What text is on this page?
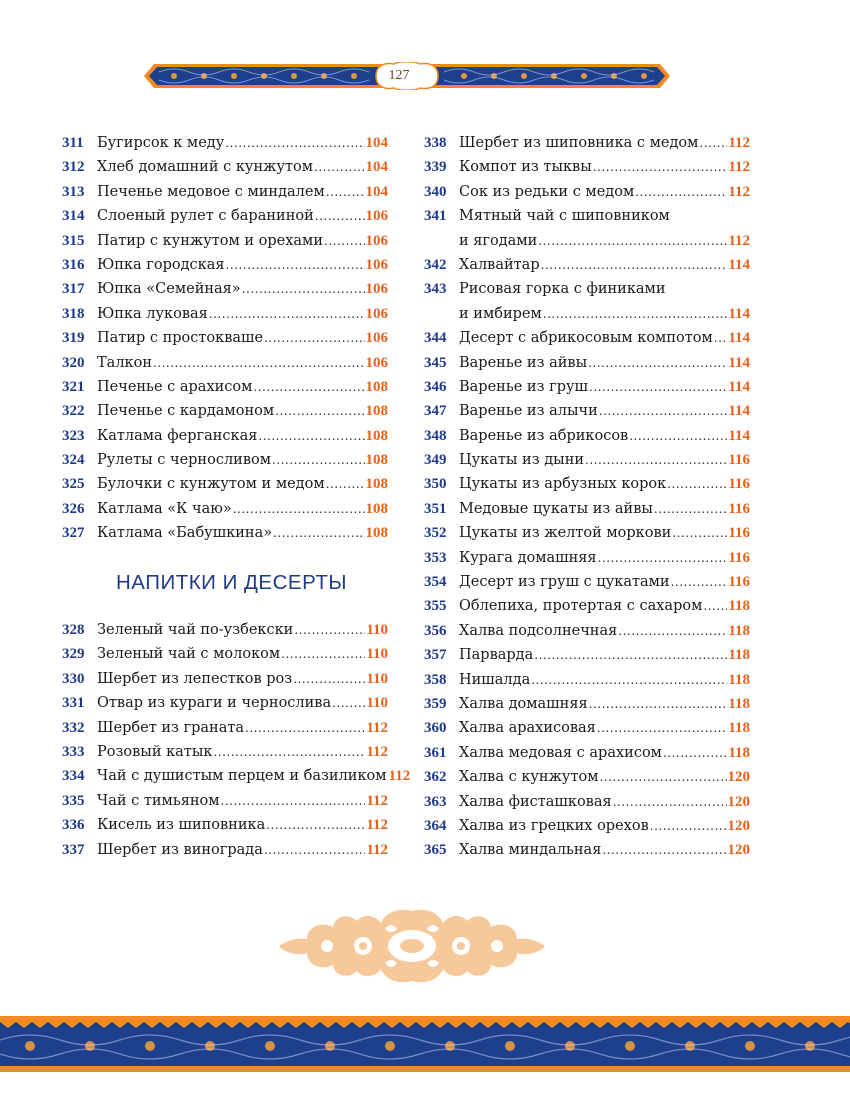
127
311 Бугирсок к меду .....	104
312 Хлеб домашний с кунжутом .....	104
313 Печенье медовое с миндалем .....	104
314 Слоеный рулет с бараниной .....	106
315 Патир с кунжутом и орехами .....	106
316 Юпка городская .....	106
317 Юпка «Семейная» .....	106
318 Юпка луковая .....	106
319 Патир с простокваше .....	106
320 Талкон .....	106
321 Печенье с арахисом .....	108
322 Печенье с кардамоном .....	108
323 Катлама ферганская .....	108
324 Рулеты с черносливом .....	108
325 Булочки с кунжутом и медом .....	108
326 Катлама «К чаю» .....	108
327 Катлама «Бабушкина» .....	108
НАПИТКИ И ДЕСЕРТЫ
328 Зеленый чай по-узбекски .....	110
329 Зеленый чай с молоком .....	110
330 Шербет из лепестков роз .....	110
331 Отвар из кураги и чернослива ..... 110
332 Шербет из граната .....	112
333 Розовый катык .....	112
334 Чай с душистым перцем и базиликом 112
335 Чай с тимьяном .....	112
336 Кисель из шиповника .....	112
337 Шербет из винограда .....	112
338 Шербет из шиповника с медом ..... 112
339 Компот из тыквы .....	112
340 Сок из редьки с медом .....	112
341 Мятный чай с шиповником
и ягодами .....	112
342 Халвайтар .....	114
343 Рисовая горка с финиками
и имбирем .....	114
344 Десерт с абрикосовым компотом ..... 114
345 Варенье из айвы .....	114
346 Варенье из груш .....	114
347 Варенье из алычи .....	114
348 Варенье из абрикосов .....	114
349 Цукаты из дыни .....	116
350 Цукаты из арбузных корок .....	116
351 Медовые цукаты из айвы .....	116
352 Цукаты из желтой моркови .....	116
353 Курага домашняя .....	116
354 Десерт из груш с цукатами .....	116
355 Облепиха, протертая с сахаром ..... 118
356 Халва подсолнечная .....	118
357 Парварда .....	118
358 Нишалда .....	118
359 Халва домашняя .....	118
360 Халва арахисовая .....	118
361 Халва медовая с арахисом .....	118
362 Халва с кунжутом .....	120
363 Халва фисташковая .....	120
364 Халва из грецких орехов .....	120
365 Халва миндальная .....	120
